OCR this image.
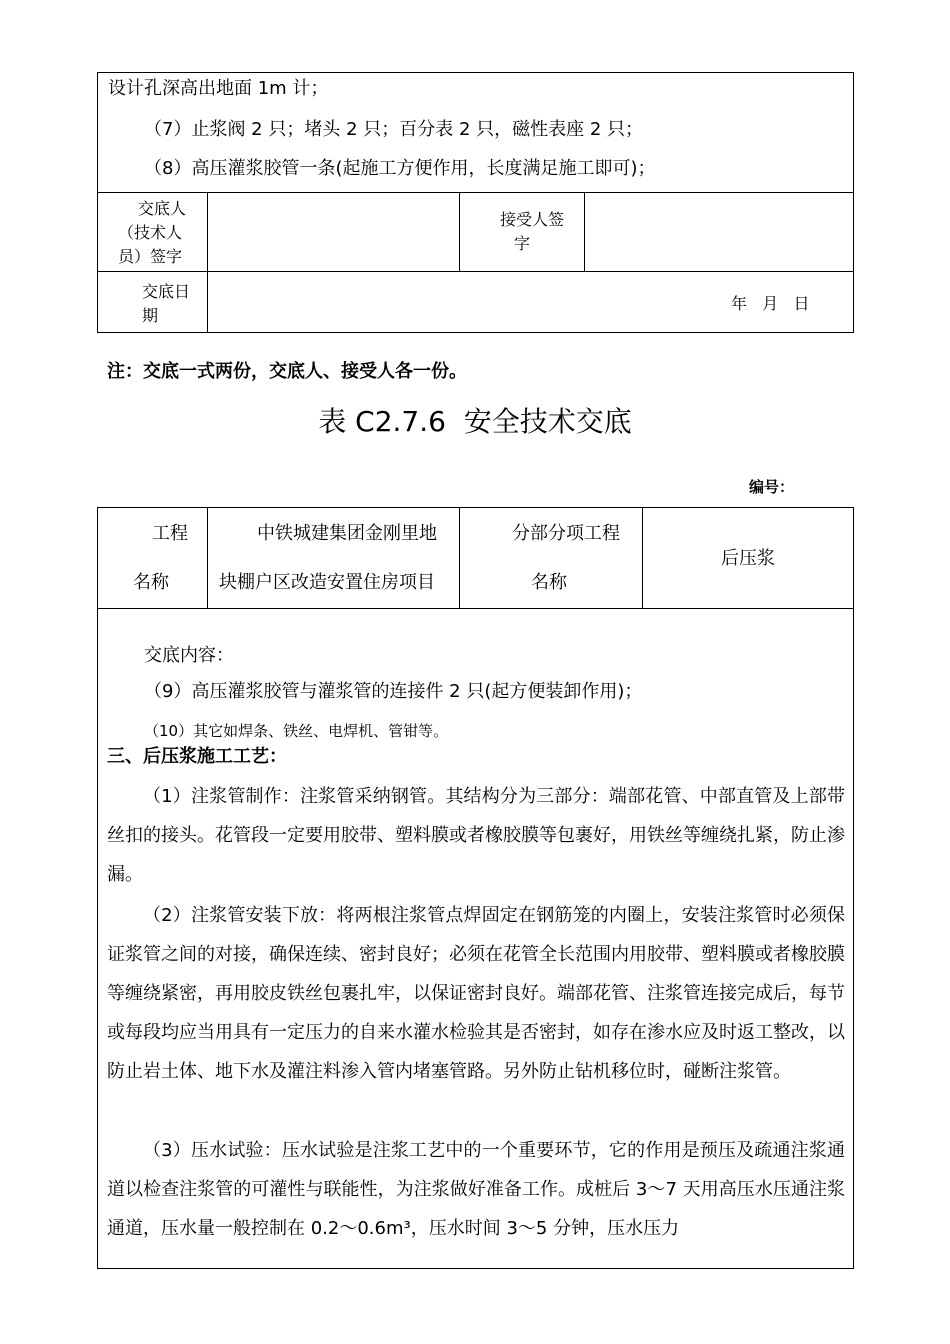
设计孔深高出地面 1m 计；
（7）止浆阀 2 只；堵头 2 只；百分表 2 只，磁性表座 2 只；
（8）高压灌浆胶管一条(起施工方便作用，长度满足施工即可)；
交底人
（技术人
员）签字
接受人签
字
交底日
期
年   月   日
注：交底一式两份，交底人、接受人各一份。
表 C2.7.6  安全技术交底
编号：
工程
名称
中铁城建集团金刚里地
块棚户区改造安置住房项目
分部分项工程
名称
后压浆
交底内容：
（9）高压灌浆胶管与灌浆管的连接件 2 只(起方便装卸作用)；
（10）其它如焊条、铁丝、电焊机、管钳等。
三、后压浆施工工艺：
（1）注浆管制作：注浆管采纳钢管。其结构分为三部分：端部花管、中部直管及上部带丝扣的接头。花管段一定要用胶带、塑料膜或者橡胶膜等包裹好，用铁丝等缠绕扎紧，防止渗漏。
（2）注浆管安装下放：将两根注浆管点焊固定在钢筋笼的内圈上，安装注浆管时必须保证浆管之间的对接，确保连续、密封良好；必须在花管全长范围内用胶带、塑料膜或者橡胶膜等缠绕紧密，再用胶皮铁丝包裹扎牢，以保证密封良好。端部花管、注浆管连接完成后，每节或每段均应当用具有一定压力的自来水灌水检验其是否密封，如存在渗水应及时返工整改，以防止岩土体、地下水及灌注料渗入管内堵塞管路。另外防止钻机移位时，碰断注浆管。
（3）压水试验：压水试验是注浆工艺中的一个重要环节，它的作用是预压及疏通注浆通道以检查注浆管的可灌性与联能性，为注浆做好准备工作。成桩后 3～7 天用高压水压通注浆通道，压水量一般控制在 0.2～0.6m³，压水时间 3～5 分钟，压水压力
